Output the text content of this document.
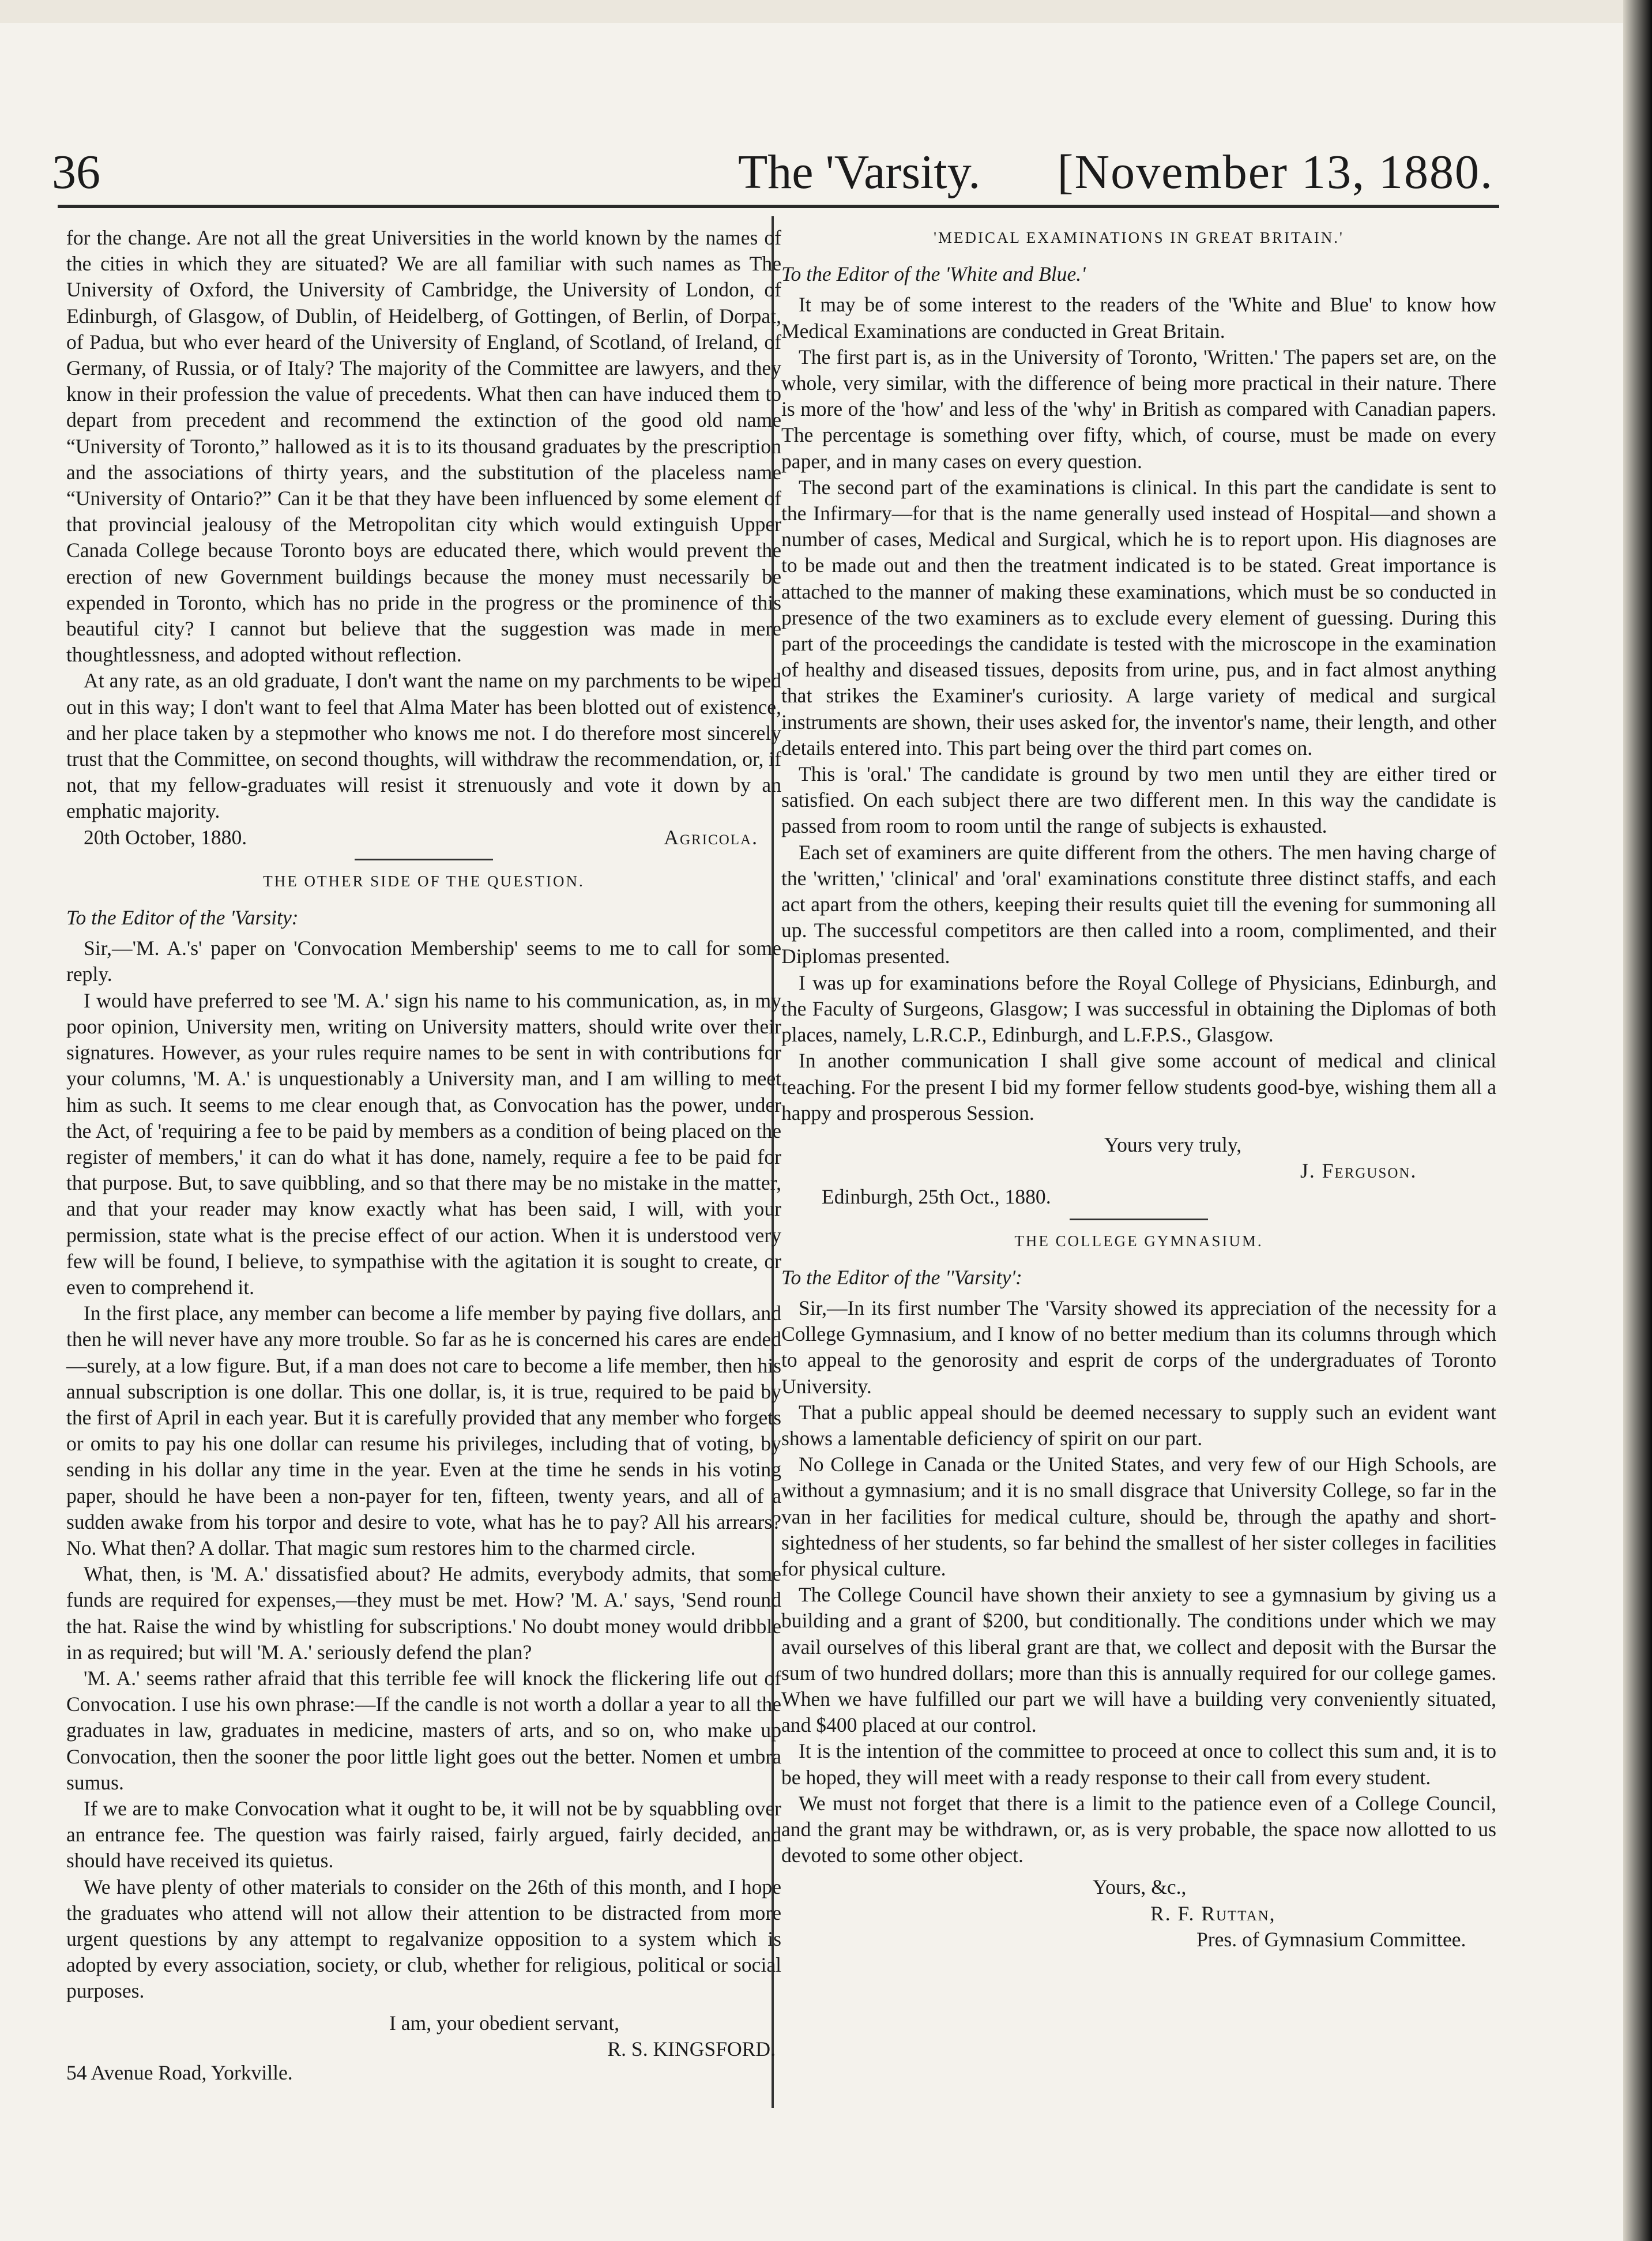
36	The 'Varsity. [November 13, 1880.

for the change. Are not all the great Universities in the world known by the names of the cities in which they are situated? We are all familiar with such names as The University of Oxford, the University of Cambridge, the University of London, of Edinburgh, of Glasgow, of Dublin, of Heidelberg, of Gottingen, of Berlin, of Dorpat, of Padua, but who ever heard of the University of England, of Scotland, of Ireland, of Germany, of Russia, or of Italy? The majority of the Committee are lawyers, and they know in their profession the value of precedents. What then can have induced them to depart from precedent and recommend the extinction of the good old name “University of Toronto,” hallowed as it is to its thousand graduates by the prescription and the associations of thirty years, and the substitution of the placeless name “University of Ontario?” Can it be that they have been influenced by some element of that provincial jealousy of the Metropolitan city which would extinguish Upper Canada College because Toronto boys are educated there, which would prevent the erection of new Government buildings because the money must necessarily be expended in Toronto, which has no pride in the progress or the prominence of this beautiful city? I cannot but believe that the suggestion was made in mere thoughtlessness, and adopted without reflection.

At any rate, as an old graduate, I don't want the name on my parchments to be wiped out in this way; I don't want to feel that Alma Mater has been blotted out of existence, and her place taken by a stepmother who knows me not. I do therefore most sincerely trust that the Committee, on second thoughts, will withdraw the recommendation, or, if not, that my fellow-graduates will resist it strenuously and vote it down by an emphatic majority.

20th October, 1880.	Agricola.
THE OTHER SIDE OF THE QUESTION.
To the Editor of the 'Varsity:

Sir,—'M. A.'s' paper on 'Convocation Membership' seems to me to call for some reply.

I would have preferred to see 'M. A.' sign his name to his communication, as, in my poor opinion, University men, writing on University matters, should write over their signatures. However, as your rules require names to be sent in with contributions for your columns, 'M. A.' is unquestionably a University man, and I am willing to meet him as such. It seems to me clear enough that, as Convocation has the power, under the Act, of 'requiring a fee to be paid by members as a condition of being placed on the register of members,' it can do what it has done, namely, require a fee to be paid for that purpose. But, to save quibbling, and so that there may be no mistake in the matter, and that your reader may know exactly what has been said, I will, with your permission, state what is the precise effect of our action. When it is understood very few will be found, I believe, to sympathise with the agitation it is sought to create, or even to comprehend it.

In the first place, any member can become a life member by paying five dollars, and then he will never have any more trouble. So far as he is concerned his cares are ended—surely, at a low figure. But, if a man does not care to become a life member, then his annual subscription is one dollar. This one dollar, is, it is true, required to be paid by the first of April in each year. But it is carefully provided that any member who forgets or omits to pay his one dollar can resume his privileges, including that of voting, by sending in his dollar any time in the year. Even at the time he sends in his voting paper, should he have been a non-payer for ten, fifteen, twenty years, and all of a sudden awake from his torpor and desire to vote, what has he to pay? All his arrears? No. What then? A dollar. That magic sum restores him to the charmed circle.

What, then, is 'M. A.' dissatisfied about? He admits, everybody admits, that some funds are required for expenses,—they must be met. How? 'M. A.' says, 'Send round the hat. Raise the wind by whistling for subscriptions.' No doubt money would dribble in as required; but will 'M. A.' seriously defend the plan?

'M. A.' seems rather afraid that this terrible fee will knock the flickering life out of Convocation. I use his own phrase:—If the candle is not worth a dollar a year to all the graduates in law, graduates in medicine, masters of arts, and so on, who make up Convocation, then the sooner the poor little light goes out the better. Nomen et umbra sumus.

If we are to make Convocation what it ought to be, it will not be by squabbling over an entrance fee. The question was fairly raised, fairly argued, fairly decided, and should have received its quietus.

We have plenty of other materials to consider on the 26th of this month, and I hope the graduates who attend will not allow their attention to be distracted from more urgent questions by any attempt to regalvanize opposition to a system which is adopted by every association, society, or club, whether for religious, political or social purposes.

I am, your obedient servant,
R. S. KINGSFORD.
54 Avenue Road, Yorkville.
'MEDICAL EXAMINATIONS IN GREAT BRITAIN.'
To the Editor of the 'White and Blue.'

It may be of some interest to the readers of the 'White and Blue' to know how Medical Examinations are conducted in Great Britain.

The first part is, as in the University of Toronto, 'Written.' The papers set are, on the whole, very similar, with the difference of being more practical in their nature. There is more of the 'how' and less of the 'why' in British as compared with Canadian papers. The percentage is something over fifty, which, of course, must be made on every paper, and in many cases on every question.

The second part of the examinations is clinical. In this part the candidate is sent to the Infirmary—for that is the name generally used instead of Hospital—and shown a number of cases, Medical and Surgical, which he is to report upon. His diagnoses are to be made out and then the treatment indicated is to be stated. Great importance is attached to the manner of making these examinations, which must be so conducted in presence of the two examiners as to exclude every element of guessing. During this part of the proceedings the candidate is tested with the microscope in the examination of healthy and diseased tissues, deposits from urine, pus, and in fact almost anything that strikes the Examiner's curiosity. A large variety of medical and surgical instruments are shown, their uses asked for, the inventor's name, their length, and other details entered into. This part being over the third part comes on.

This is 'oral.' The candidate is ground by two men until they are either tired or satisfied. On each subject there are two different men. In this way the candidate is passed from room to room until the range of subjects is exhausted.

Each set of examiners are quite different from the others. The men having charge of the 'written,' 'clinical' and 'oral' examinations constitute three distinct staffs, and each act apart from the others, keeping their results quiet till the evening for summoning all up. The successful competitors are then called into a room, complimented, and their Diplomas presented.

I was up for examinations before the Royal College of Physicians, Edinburgh, and the Faculty of Surgeons, Glasgow; I was successful in obtaining the Diplomas of both places, namely, L.R.C.P., Edinburgh, and L.F.P.S., Glasgow.

In another communication I shall give some account of medical and clinical teaching. For the present I bid my former fellow students good-bye, wishing them all a happy and prosperous Session.

Yours very truly,
J. Ferguson.
Edinburgh, 25th Oct., 1880.
THE COLLEGE GYMNASIUM.
To the Editor of the ''Varsity':

Sir,—In its first number The 'Varsity showed its appreciation of the necessity for a College Gymnasium, and I know of no better medium than its columns through which to appeal to the genorosity and esprit de corps of the undergraduates of Toronto University.

That a public appeal should be deemed necessary to supply such an evident want shows a lamentable deficiency of spirit on our part.

No College in Canada or the United States, and very few of our High Schools, are without a gymnasium; and it is no small disgrace that University College, so far in the van in her facilities for medical culture, should be, through the apathy and short-sightedness of her students, so far behind the smallest of her sister colleges in facilities for physical culture.

The College Council have shown their anxiety to see a gymnasium by giving us a building and a grant of $200, but conditionally. The conditions under which we may avail ourselves of this liberal grant are that, we collect and deposit with the Bursar the sum of two hundred dollars; more than this is annually required for our college games. When we have fulfilled our part we will have a building very conveniently situated, and $400 placed at our control.

It is the intention of the committee to proceed at once to collect this sum and, it is to be hoped, they will meet with a ready response to their call from every student.

We must not forget that there is a limit to the patience even of a College Council, and the grant may be withdrawn, or, as is very probable, the space now allotted to us devoted to some other object.

Yours, &c.,
R. F. Ruttan,
Pres. of Gymnasium Committee.
